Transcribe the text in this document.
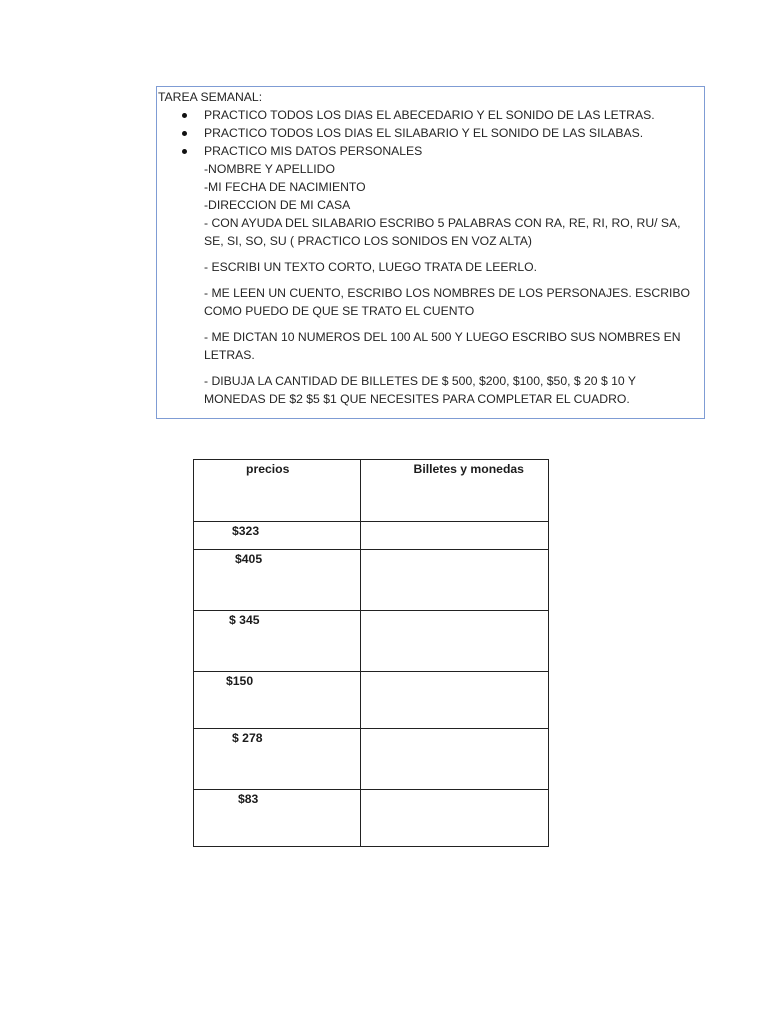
TAREA SEMANAL:
PRACTICO TODOS LOS DIAS EL ABECEDARIO Y EL SONIDO DE LAS LETRAS.
PRACTICO TODOS LOS DIAS EL SILABARIO Y EL SONIDO DE LAS SILABAS.
PRACTICO MIS DATOS PERSONALES
-NOMBRE Y APELLIDO
-MI FECHA DE NACIMIENTO
-DIRECCION DE MI CASA
- CON AYUDA DEL SILABARIO ESCRIBO 5 PALABRAS CON RA, RE, RI, RO, RU/ SA, SE, SI, SO, SU ( PRACTICO LOS SONIDOS EN VOZ ALTA)
- ESCRIBI UN TEXTO CORTO, LUEGO TRATA DE LEERLO.
- ME LEEN UN CUENTO, ESCRIBO LOS NOMBRES DE LOS PERSONAJES. ESCRIBO COMO PUEDO DE QUE SE TRATO EL CUENTO
- ME DICTAN 10 NUMEROS DEL 100 AL 500 Y LUEGO ESCRIBO SUS NOMBRES EN LETRAS.
- DIBUJA LA CANTIDAD DE BILLETES DE $ 500, $200, $100, $50, $ 20 $ 10 Y MONEDAS DE $2 $5 $1 QUE NECESITES PARA COMPLETAR EL CUADRO.
precios	Billetes y monedas

$323	

$405	

$ 345	

$150	

$ 278	

$83	
